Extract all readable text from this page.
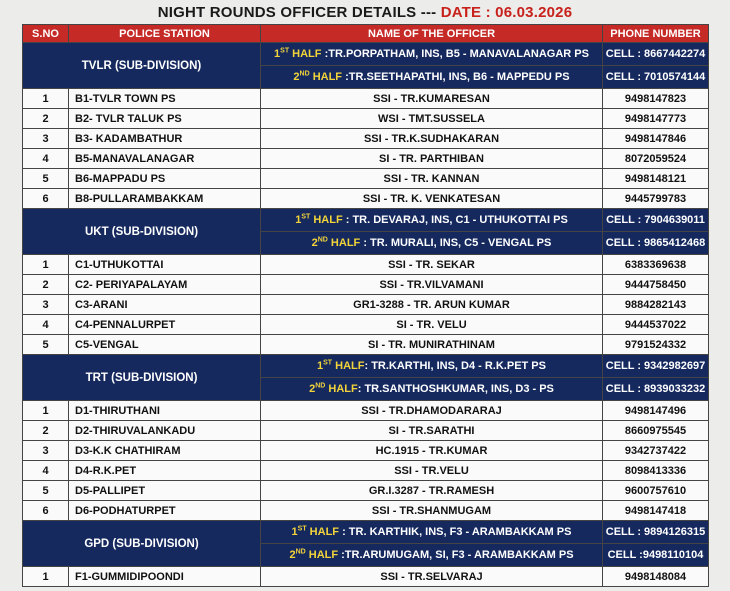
NIGHT ROUNDS OFFICER DETAILS --- DATE : 06.03.2026
S.NO	POLICE STATION	NAME OF THE OFFICER	PHONE NUMBER
TVLR (SUB-DIVISION)		1ST HALF :TR.PORPATHAM, INS, B5 - MANAVALANAGAR PS	CELL : 8667442274
		2ND HALF :TR.SEETHAPATHI, INS, B6 - MAPPEDU PS	CELL : 7010574144
1	B1-TVLR TOWN PS	SSI - TR.KUMARESAN	9498147823
2	B2- TVLR TALUK PS	WSI - TMT.SUSSELA	9498147773
3	B3- KADAMBATHUR	SSI - TR.K.SUDHAKARAN	9498147846
4	B5-MANAVALANAGAR	SI - TR. PARTHIBAN	8072059524
5	B6-MAPPADU PS	SSI - TR. KANNAN	9498148121
6	B8-PULLARAMBAKKAM	SSI - TR. K. VENKATESAN	9445799783
UKT (SUB-DIVISION)		1ST HALF : TR. DEVARAJ, INS, C1 - UTHUKOTTAI PS	CELL : 7904639011
		2ND HALF : TR. MURALI, INS, C5 - VENGAL PS	CELL : 9865412468
1	C1-UTHUKOTTAI	SSI - TR. SEKAR	6383369638
2	C2- PERIYAPALAYAM	SSI - TR.VILVAMANI	9444758450
3	C3-ARANI	GR1-3288 - TR. ARUN KUMAR	9884282143
4	C4-PENNALURPET	SI - TR. VELU	9444537022
5	C5-VENGAL	SI - TR. MUNIRATHINAM	9791524332
TRT (SUB-DIVISION)		1ST HALF: TR.KARTHI, INS, D4 - R.K.PET PS	CELL : 9342982697
		2ND HALF: TR.SANTHOSHKUMAR, INS, D3 - PS	CELL : 8939033232
1	D1-THIRUTHANI	SSI - TR.DHAMODARARAJ	9498147496
2	D2-THIRUVALANKADU	SI - TR.SARATHI	8660975545
3	D3-K.K CHATHIRAM	HC.1915 - TR.KUMAR	9342737422
4	D4-R.K.PET	SSI - TR.VELU	8098413336
5	D5-PALLIPET	GR.I.3287 - TR.RAMESH	9600757610
6	D6-PODHATURPET	SSI - TR.SHANMUGAM	9498147418
GPD (SUB-DIVISION)		1ST HALF : TR. KARTHIK, INS, F3 - ARAMBAKKAM PS	CELL : 9894126315
		2ND HALF :TR.ARUMUGAM, SI, F3 - ARAMBAKKAM PS	CELL :9498110104
1	F1-GUMMIDIPOONDI	SSI - TR.SELVARAJ	9498148084
